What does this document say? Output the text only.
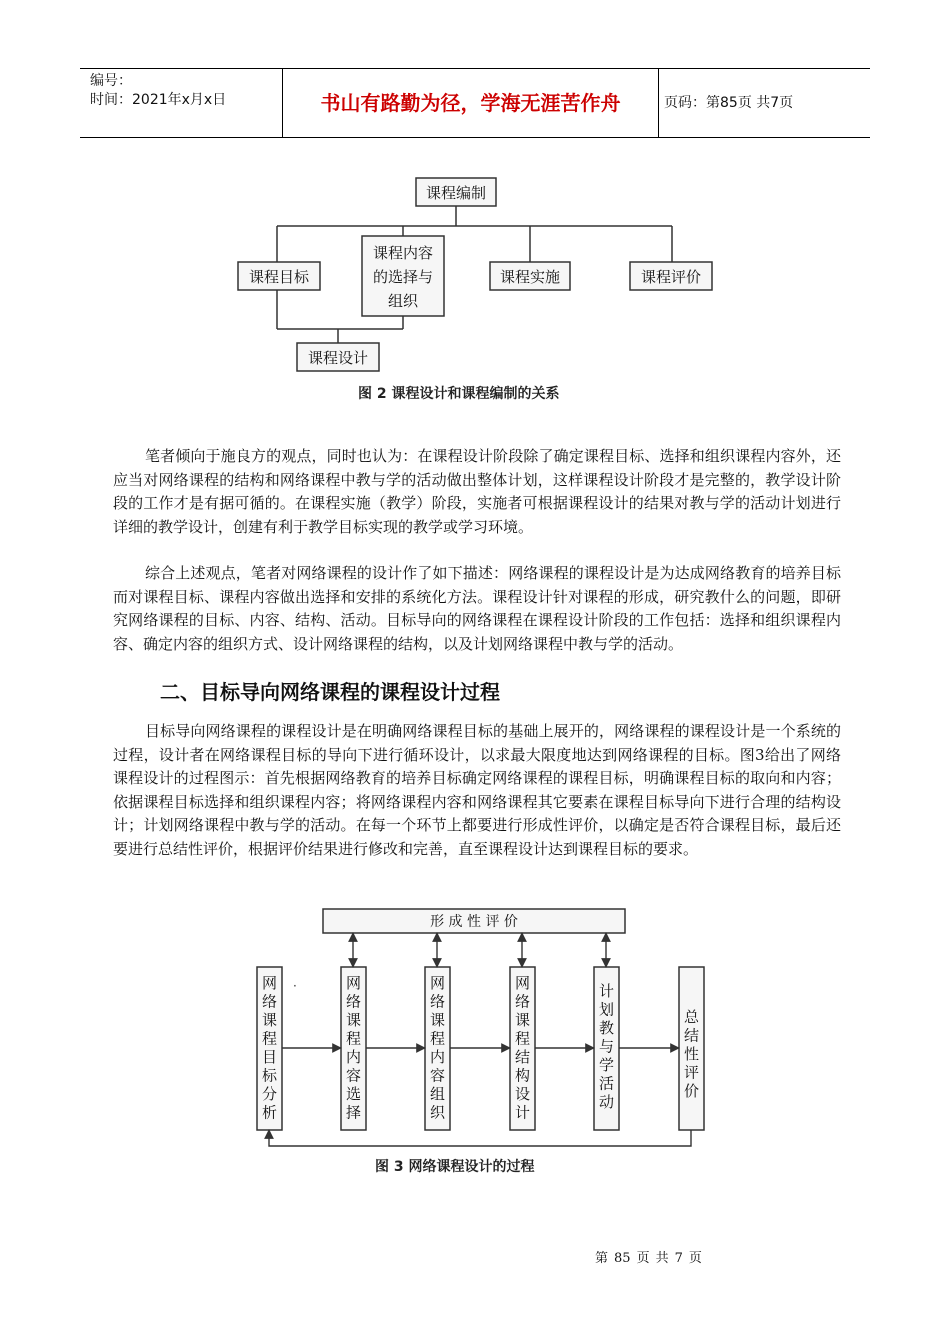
编号：
时间：2021年x月x日	书山有路勤为径，学海无涯苦作舟	页码：第85页 共7页
课程编制
课程目标
课程内容
的选择与
组织
课程实施	课程评价
课程设计
图 2 课程设计和课程编制的关系

笔者倾向于施良方的观点，同时也认为：在课程设计阶段除了确定课程目标、选择和组织课程内容外，还应当对网络课程的结构和网络课程中教与学的活动做出整体计划，这样课程设计阶段才是完整的，教学设计阶段的工作才是有据可循的。在课程实施（教学）阶段，实施者可根据课程设计的结果对教与学的活动计划进行详细的教学设计，创建有利于教学目标实现的教学或学习环境。

综合上述观点，笔者对网络课程的设计作了如下描述：网络课程的课程设计是为达成网络教育的培养目标而对课程目标、课程内容做出选择和安排的系统化方法。课程设计针对课程的形成，研究教什么的问题，即研究网络课程的目标、内容、结构、活动。目标导向的网络课程在课程设计阶段的工作包括：选择和组织课程内容、确定内容的组织方式、设计网络课程的结构，以及计划网络课程中教与学的活动。

二、目标导向网络课程的课程设计过程

目标导向网络课程的课程设计是在明确网络课程目标的基础上展开的，网络课程的课程设计是一个系统的过程，设计者在网络课程目标的导向下进行循环设计，以求最大限度地达到网络课程的目标。图3给出了网络课程设计的过程图示：首先根据网络教育的培养目标确定网络课程的课程目标，明确课程目标的取向和内容；依据课程目标选择和组织课程内容；将网络课程内容和网络课程其它要素在课程目标导向下进行合理的结构设计；计划网络课程中教与学的活动。在每一个环节上都要进行形成性评价，以确定是否符合课程目标，最后还要进行总结性评价，根据评价结果进行修改和完善，直至课程设计达到课程目标的要求。

形 成 性 评 价
·
网络课程目标分析
网络课程内容选择
网络课程内容组织
网络课程结构设计
计划教与学活动
总结性评价
图 3 网络课程设计的过程
第 85 页 共 7 页
